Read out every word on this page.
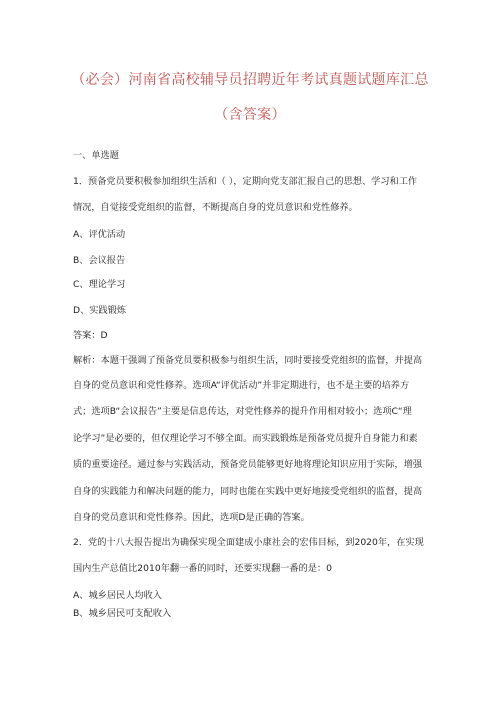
（必会）河南省高校辅导员招聘近年考试真题试题库汇总
（含答案）
一、单选题
1．预备党员要积极参加组织生活和（ ），定期向党支部汇报自己的思想、学习和工作
情况，自觉接受党组织的监督，不断提高自身的党员意识和党性修养。
A、评优活动
B、会议报告
C、理论学习
D、实践锻炼
答案：D
解析：本题干强调了预备党员要积极参与组织生活，同时要接受党组织的监督，并提高
自身的党员意识和党性修养。选项A“评优活动”并非定期进行，也不是主要的培养方
式；选项B“会议报告”主要是信息传达，对党性修养的提升作用相对较小；选项C“理
论学习”是必要的，但仅理论学习不够全面。而实践锻炼是预备党员提升自身能力和素
质的重要途径。通过参与实践活动，预备党员能够更好地将理论知识应用于实际，增强
自身的实践能力和解决问题的能力，同时也能在实践中更好地接受党组织的监督，提高
自身的党员意识和党性修养。因此，选项D是正确的答案。
2．党的十八大报告提出为确保实现全面建成小康社会的宏伟目标，到2020年，在实现
国内生产总值比2010年翻一番的同时，还要实现翻一番的是：0
A、城乡居民人均收入
B、城乡居民可支配收入
